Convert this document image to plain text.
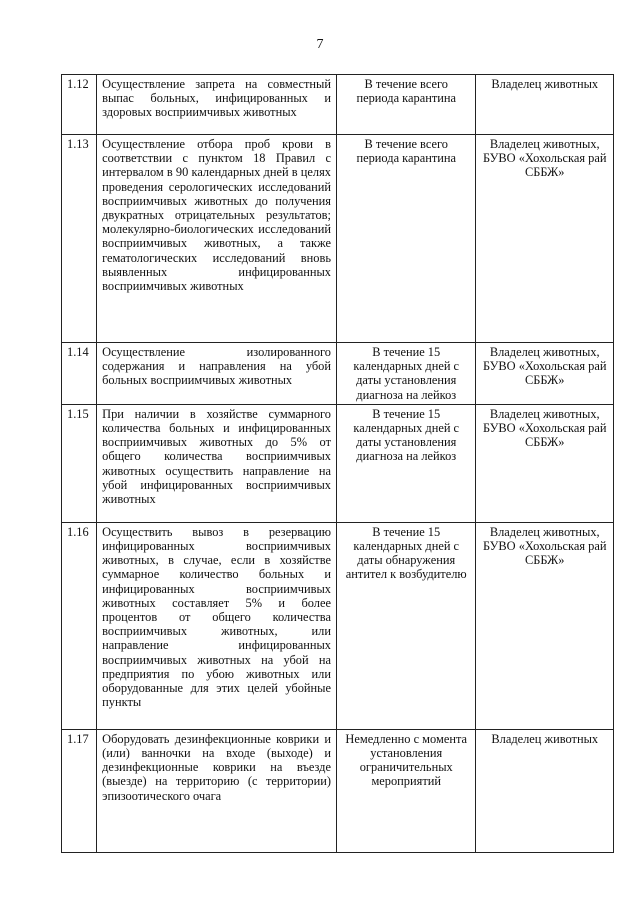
7
1.12	Осуществление запрета на совместный выпас больных, инфицированных и здоровых восприимчивых животных	В течение всего периода карантина	Владелец животных
1.13	Осуществление отбора проб крови в соответствии с пунктом 18 Правил с интервалом в 90 календарных дней в целях проведения серологических исследований восприимчивых животных до получения двукратных отрицательных результатов; молекулярно-биологических исследований восприимчивых животных, а также гематологических исследований вновь выявленных инфицированных восприимчивых животных	В течение всего периода карантина	Владелец животных, БУВО «Хохольская рай СББЖ»
1.14	Осуществление изолированного содержания и направления на убой больных восприимчивых животных	В течение 15 календарных дней с даты установления диагноза на лейкоз	Владелец животных, БУВО «Хохольская рай СББЖ»
1.15	При наличии в хозяйстве суммарного количества больных и инфицированных восприимчивых животных до 5% от общего количества восприимчивых животных осуществить направление на убой инфицированных восприимчивых животных	В течение 15 календарных дней с даты установления диагноза на лейкоз	Владелец животных, БУВО «Хохольская рай СББЖ»
1.16	Осуществить вывоз в резервацию инфицированных восприимчивых животных, в случае, если в хозяйстве суммарное количество больных и инфицированных восприимчивых животных составляет 5% и более процентов от общего количества восприимчивых животных, или направление инфицированных восприимчивых животных на убой на предприятия по убою животных или оборудованные для этих целей убойные пункты	В течение 15 календарных дней с даты обнаружения антител к возбудителю	Владелец животных, БУВО «Хохольская рай СББЖ»
1.17	Оборудовать дезинфекционные коврики и (или) ванночки на входе (выходе) и дезинфекционные коврики на въезде (выезде) на территорию (с территории) эпизоотического очага	Немедленно с момента установления ограничительных мероприятий	Владелец животных
